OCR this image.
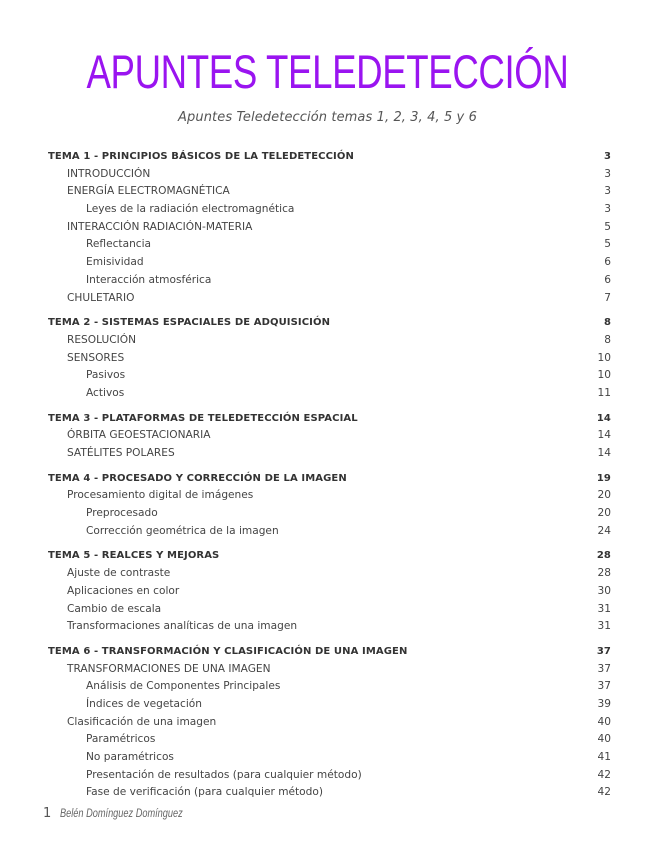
APUNTES TELEDETECCIÓN
Apuntes Teledetección temas 1, 2, 3, 4, 5 y 6
TEMA 1 - PRINCIPIOS BÁSICOS DE LA TELEDETECCIÓN	3
INTRODUCCIÓN	3
ENERGÍA ELECTROMAGNÉTICA	3
Leyes de la radiación electromagnética	3
INTERACCIÓN RADIACIÓN-MATERIA	5
Reflectancia	5
Emisividad	6
Interacción atmosférica	6
CHULETARIO	7
TEMA 2 - SISTEMAS ESPACIALES DE ADQUISICIÓN	8
RESOLUCIÓN	8
SENSORES	10
Pasivos	10
Activos	11
TEMA 3 - PLATAFORMAS DE TELEDETECCIÓN ESPACIAL	14
ÓRBITA GEOESTACIONARIA	14
SATÉLITES POLARES	14
TEMA 4 - PROCESADO Y CORRECCIÓN DE LA IMAGEN	19
Procesamiento digital de imágenes	20
Preprocesado	20
Corrección geométrica de la imagen	24
TEMA 5 - REALCES Y MEJORAS	28
Ajuste de contraste	28
Aplicaciones en color	30
Cambio de escala	31
Transformaciones analíticas de una imagen	31
TEMA 6 - TRANSFORMACIÓN Y CLASIFICACIÓN DE UNA IMAGEN	37
TRANSFORMACIONES DE UNA IMAGEN	37
Análisis de Componentes Principales	37
Índices de vegetación	39
Clasificación de una imagen	40
Paramétricos	40
No paramétricos	41
Presentación de resultados (para cualquier método)	42
Fase de verificación (para cualquier método)	42
1 Belén Domínguez Domínguez
